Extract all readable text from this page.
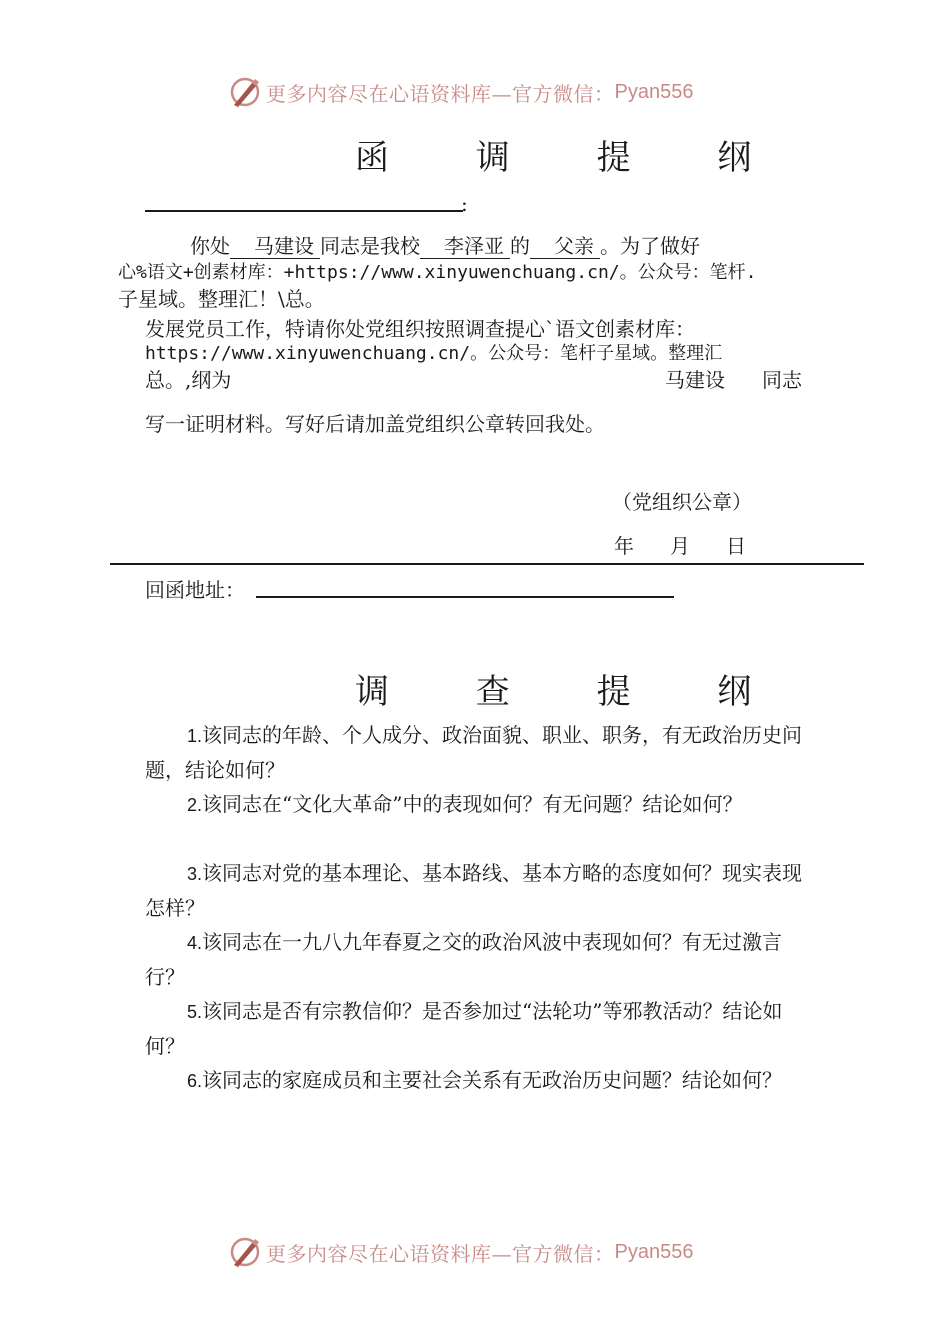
更多内容尽在心语资料库—官方微信： Pyan556
函 调 提 纲
:
你处 马建设 同志是我校 李泽亚 的 父亲 。为了做好
心%语文+创素材库：+https://www.xinyuwenchuang.cn/。公众号：笔杆.
子星域。整理汇！\总。
发展党员工作，特请你处党组织按照调查提心`语文创素材库：
https://www.xinyuwenchuang.cn/。公众号：笔杆子星域。整理汇
总。,纲为	马建设 同志
写一证明材料。写好后请加盖党组织公章转回我处。
（党组织公章）
年 月 日
回函地址：
调 查 提 纲
1.该同志的年龄、个人成分、政治面貌、职业、职务，有无政治历史问题，结论如何？
2.该同志在“文化大革命”中的表现如何？有无问题？结论如何？
3.该同志对党的基本理论、基本路线、基本方略的态度如何？现实表现怎样？
4.该同志在一九八九年春夏之交的政治风波中表现如何？有无过激言行？
5.该同志是否有宗教信仰？是否参加过“法轮功”等邪教活动？结论如何？
6.该同志的家庭成员和主要社会关系有无政治历史问题？结论如何？
更多内容尽在心语资料库—官方微信： Pyan556
